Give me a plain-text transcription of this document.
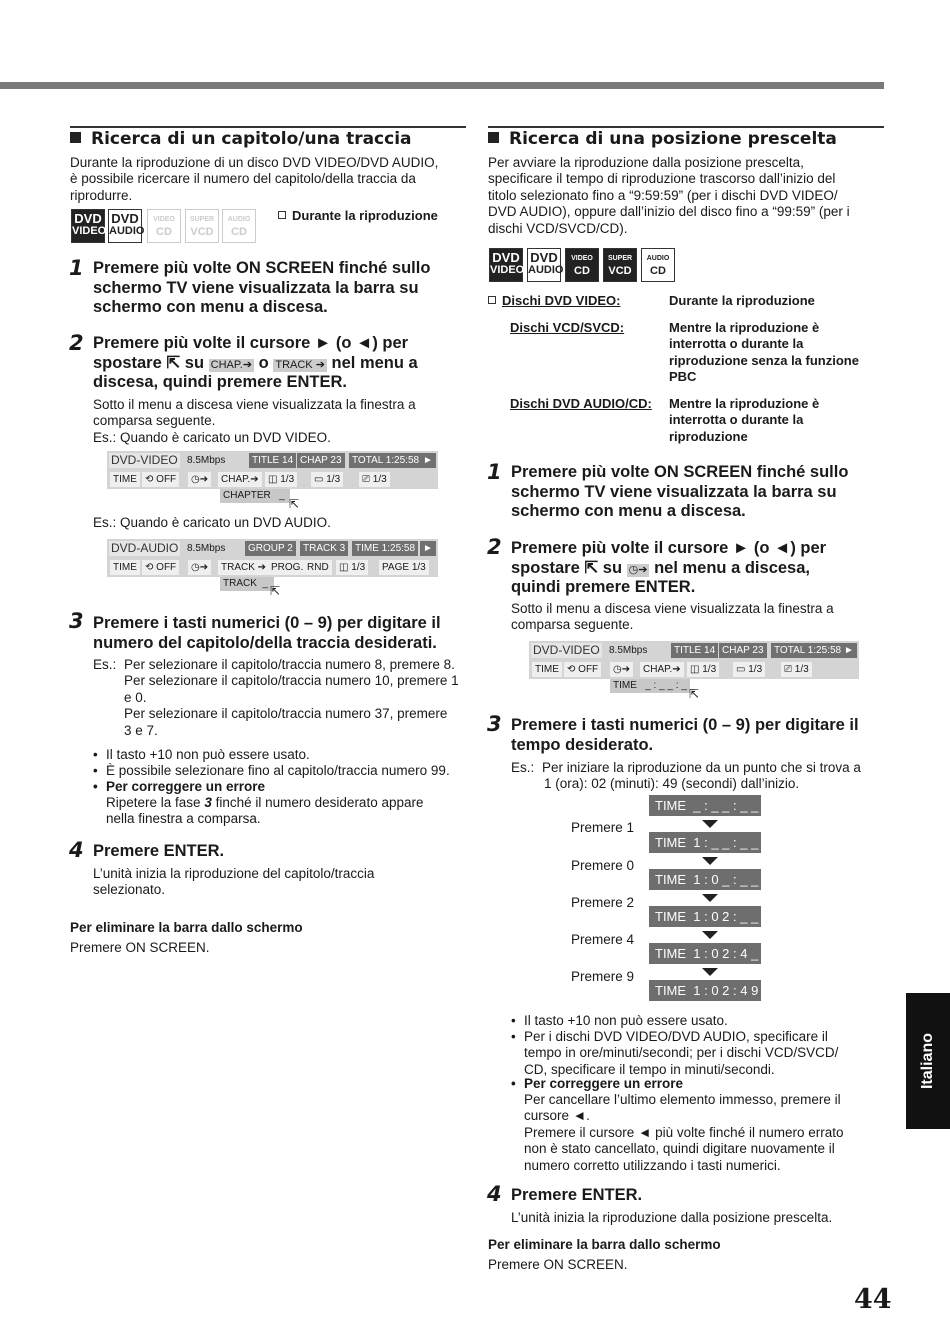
Ricerca di un capitolo/una traccia
Durante la riproduzione di un disco DVD VIDEO/DVD AUDIO,
è possibile ricercare il numero del capitolo/della traccia da
riprodurre.
DVD
VIDEO
DVD
AUDIO
VIDEO
CD
SUPER
VCD
AUDIO
CD
Durante la riproduzione
1 Premere più volte ON SCREEN finché sullo
schermo TV viene visualizzata la barra su
schermo con menu a discesa.
2 Premere più volte il cursore ► (o ◄) per
spostare ⇱ su CHAP.➔ o TRACK ➔ nel menu a
discesa, quindi premere ENTER.
Sotto il menu a discesa viene visualizzata la finestra a
comparsa seguente.
Es.: Quando è caricato un DVD VIDEO.
DVD-VIDEO 8.5Mbps	TITLE 14 CHAP 23	TOTAL 1:25:58 ►
TIME ⟲ OFF	◷➔	CHAP.➔ ◫ 1/3	▭ 1/3	⎚ 1/3
CHAPTER   _
⇱
Es.: Quando è caricato un DVD AUDIO.
DVD-AUDIO 8.5Mbps	GROUP 2	TRACK 3 TIME 1:25:58 ►
TIME ⟲ OFF	◷➔	TRACK ➔ PROG. RND	◫ 1/3	PAGE 1/3
TRACK  _
⇱
3 Premere i tasti numerici (0 – 9) per digitare il
numero del capitolo/della traccia desiderati.
Es.: Per selezionare il capitolo/traccia numero 8, premere 8.
Per selezionare il capitolo/traccia numero 10, premere 1
e 0.
Per selezionare il capitolo/traccia numero 37, premere
3 e 7.
• Il tasto +10 non può essere usato.
• È possibile selezionare fino al capitolo/traccia numero 99.
• Per correggere un errore
Ripetere la fase 3 finché il numero desiderato appare
nella finestra a comparsa.
4 Premere ENTER.
L’unità inizia la riproduzione del capitolo/traccia
selezionato.
Per eliminare la barra dallo schermo
Premere ON SCREEN.
Ricerca di una posizione prescelta
Per avviare la riproduzione dalla posizione prescelta,
specificare il tempo di riproduzione trascorso dall’inizio del
titolo selezionato fino a “9:59:59” (per i dischi DVD VIDEO/
DVD AUDIO), oppure dall’inizio del disco fino a “99:59” (per i
dischi VCD/SVCD/CD).
DVD
VIDEO
DVD
AUDIO
VIDEO
CD
SUPER
VCD
AUDIO
CD
Dischi DVD VIDEO:	Durante la riproduzione
Dischi VCD/SVCD:	Mentre la riproduzione è
interrotta o durante la
riproduzione senza la funzione
PBC
Dischi DVD AUDIO/CD: Mentre la riproduzione è
interrotta o durante la
riproduzione
1 Premere più volte ON SCREEN finché sullo
schermo TV viene visualizzata la barra su
schermo con menu a discesa.
2 Premere più volte il cursore ► (o ◄) per
spostare ⇱ su ◷➔ nel menu a discesa,
quindi premere ENTER.
Sotto il menu a discesa viene visualizzata la finestra a
comparsa seguente.
DVD-VIDEO 8.5Mbps	TITLE 14 CHAP 23	TOTAL 1:25:58 ►
TIME ⟲ OFF	◷➔	CHAP.➔ ◫ 1/3	▭ 1/3	⎚ 1/3
TIME   _ : _ _ : _ _
⇱
3 Premere i tasti numerici (0 – 9) per digitare il
tempo desiderato.
Es.: Per iniziare la riproduzione da un punto che si trova a
1 (ora): 02 (minuti): 49 (secondi) dall’inizio.
TIME  _ : _ _ : _ _
Premere 1
TIME  1 : _ _ : _ _
Premere 0
TIME  1 : 0 _ : _ _
Premere 2
TIME  1 : 0 2 : _ _
Premere 4
TIME  1 : 0 2 : 4 _
Premere 9
TIME  1 : 0 2 : 4 9
• Il tasto +10 non può essere usato.
• Per i dischi DVD VIDEO/DVD AUDIO, specificare il
tempo in ore/minuti/secondi; per i dischi VCD/SVCD/
CD, specificare il tempo in minuti/secondi.
• Per correggere un errore
Per cancellare l’ultimo elemento immesso, premere il
cursore ◄.
Premere il cursore ◄ più volte finché il numero errato
non è stato cancellato, quindi digitare nuovamente il
numero corretto utilizzando i tasti numerici.
4 Premere ENTER.
L’unità inizia la riproduzione dalla posizione prescelta.
Per eliminare la barra dallo schermo
Premere ON SCREEN.
Italiano
44
